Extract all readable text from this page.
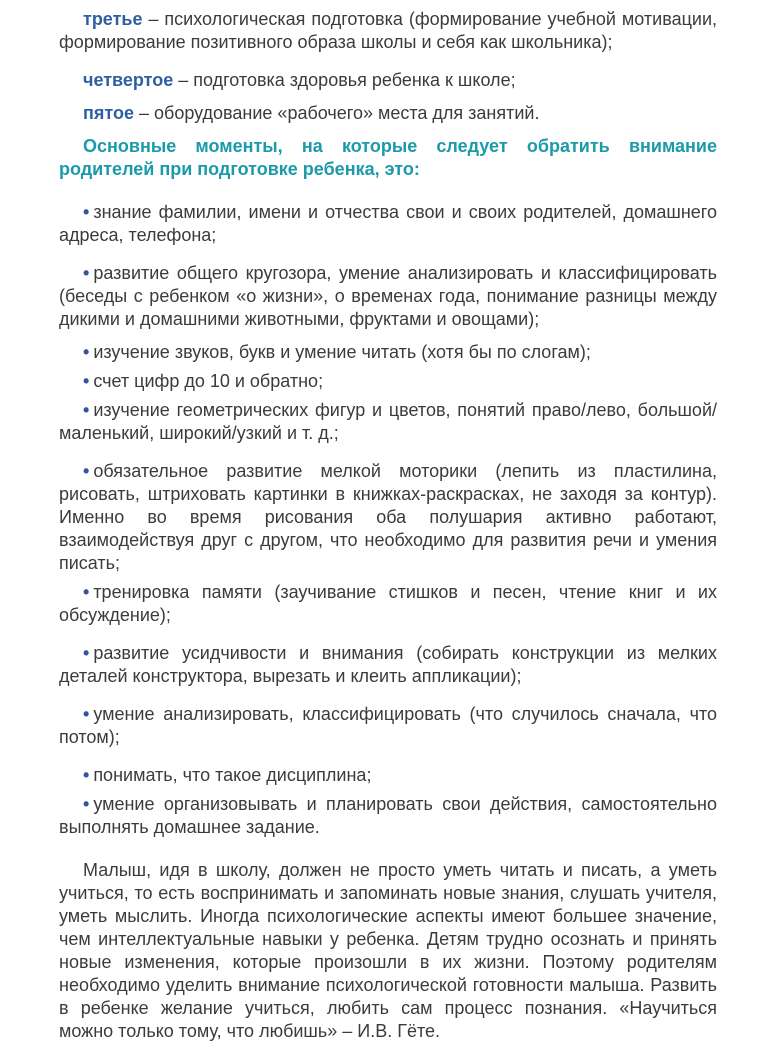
третье – психологическая подготовка (формирование учебной мотивации, формирование позитивного образа школы и себя как школьника);

четвертое – подготовка здоровья ребенка к школе;

пятое – оборудование «рабочего» места для занятий.

Основные моменты, на которые следует обратить внимание родителей при подготовке ребенка, это:

• знание фамилии, имени и отчества свои и своих родителей, домашнего адреса, телефона;

• развитие общего кругозора, умение анализировать и классифицировать (беседы с ребенком «о жизни», о временах года, понимание разницы между дикими и домашними животными, фруктами и овощами);

• изучение звуков, букв и умение читать (хотя бы по слогам);

• счет цифр до 10 и обратно;

• изучение геометрических фигур и цветов, понятий право/лево, большой/маленький, широкий/узкий и т. д.;

• обязательное развитие мелкой моторики (лепить из пластилина, рисовать, штриховать картинки в книжках-раскрасках, не заходя за контур). Именно во время рисования оба полушария активно работают, взаимодействуя друг с другом, что необходимо для развития речи и умения писать;

• тренировка памяти (заучивание стишков и песен, чтение книг и их обсуждение);

• развитие усидчивости и внимания (собирать конструкции из мелких деталей конструктора, вырезать и клеить аппликации);

• умение анализировать, классифицировать (что случилось сначала, что потом);

• понимать, что такое дисциплина;

• умение организовывать и планировать свои действия, самостоятельно выполнять домашнее задание.

Малыш, идя в школу, должен не просто уметь читать и писать, а уметь учиться, то есть воспринимать и запоминать новые знания, слушать учителя, уметь мыслить. Иногда психологические аспекты имеют большее значение, чем интеллектуальные навыки у ребенка. Детям трудно осознать и принять новые изменения, которые произошли в их жизни. Поэтому родителям необходимо уделить внимание психологической готовности малыша. Развить в ребенке желание учиться, любить сам процесс познания. «Научиться можно только тому, что любишь» – И.В. Гёте.
